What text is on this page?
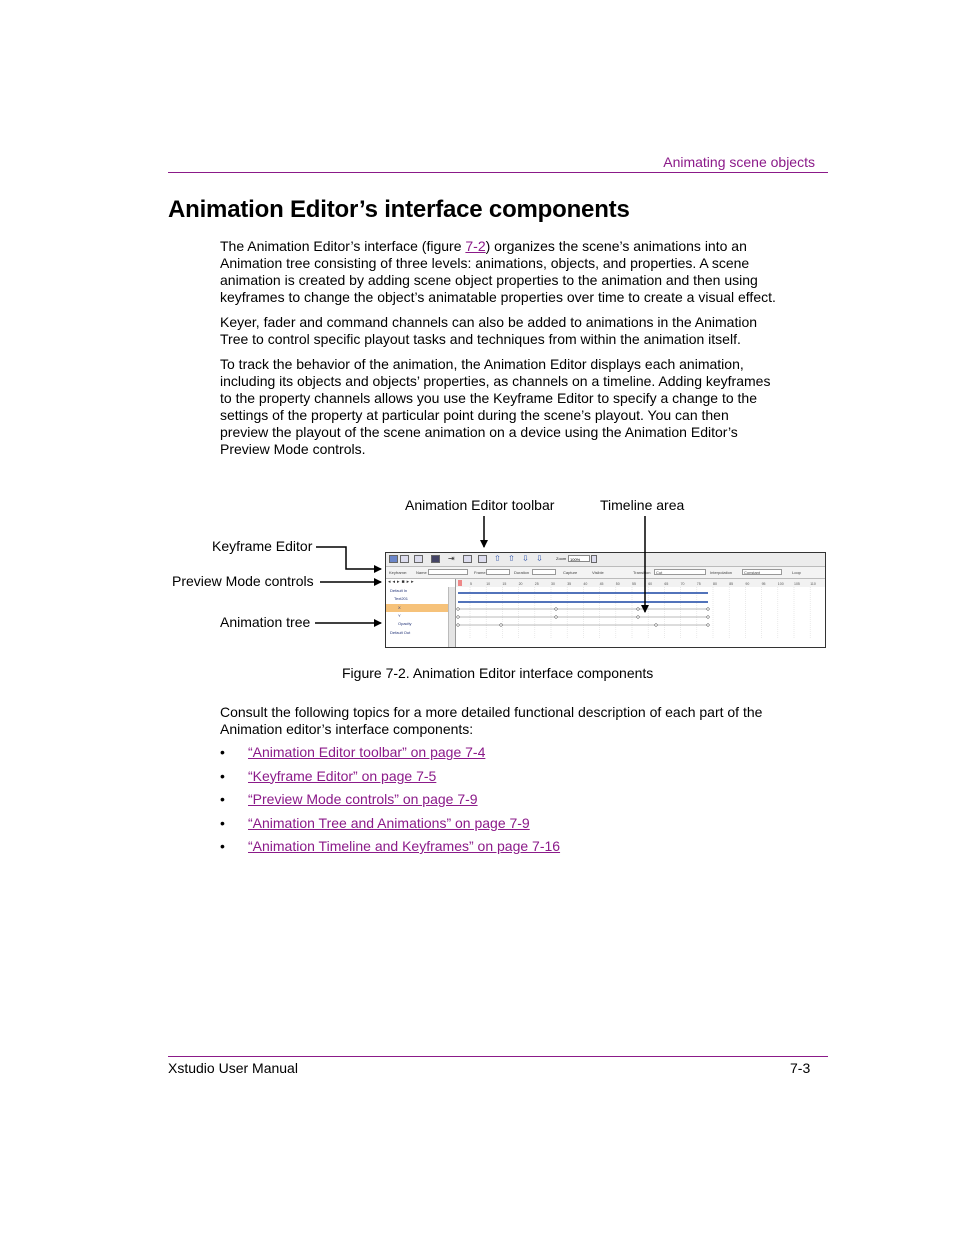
Animating scene objects
Animation Editor’s interface components

The Animation Editor’s interface (figure 7-2) organizes the scene’s animations into an Animation tree consisting of three levels: animations, objects, and properties. A scene animation is created by adding scene object properties to the animation and then using keyframes to change the object’s animatable properties over time to create a visual effect.

Keyer, fader and command channels can also be added to animations in the Animation Tree to control specific playout tasks and techniques from within the animation itself.

To track the behavior of the animation, the Animation Editor displays each animation, including its objects and objects’ properties, as channels on a timeline. Adding keyframes to the property channels allows you use the Keyframe Editor to specify a change to the settings of the property at particular point during the scene’s playout. You can then preview the playout of the scene animation on a device using the Animation Editor’s Preview Mode controls.

Animation Editor toolbar	Timeline area
Keyframe Editor
Preview Mode controls
Animation tree
⇥	⇧ ⇧ ⇩ ⇩	Zoom 100%
Keyframe: Name	Frame	Duration	Capture	Visible	Transition	Cut	Interpolation	Constant	Loop
◂◂▸■▸▸
Default In
Text201
X
Y
Opacity
Default Out
5	10	15	20	25	30	35	40	45	50	55	60	65	70	75	80	85	90	95	100	105	110
Figure 7-2. Animation Editor interface components

Consult the following topics for a more detailed functional description of each part of the Animation editor’s interface components:

• “Animation Editor toolbar” on page 7-4
• “Keyframe Editor” on page 7-5
• “Preview Mode controls” on page 7-9
• “Animation Tree and Animations” on page 7-9
• “Animation Timeline and Keyframes” on page 7-16
Xstudio User Manual	7-3
